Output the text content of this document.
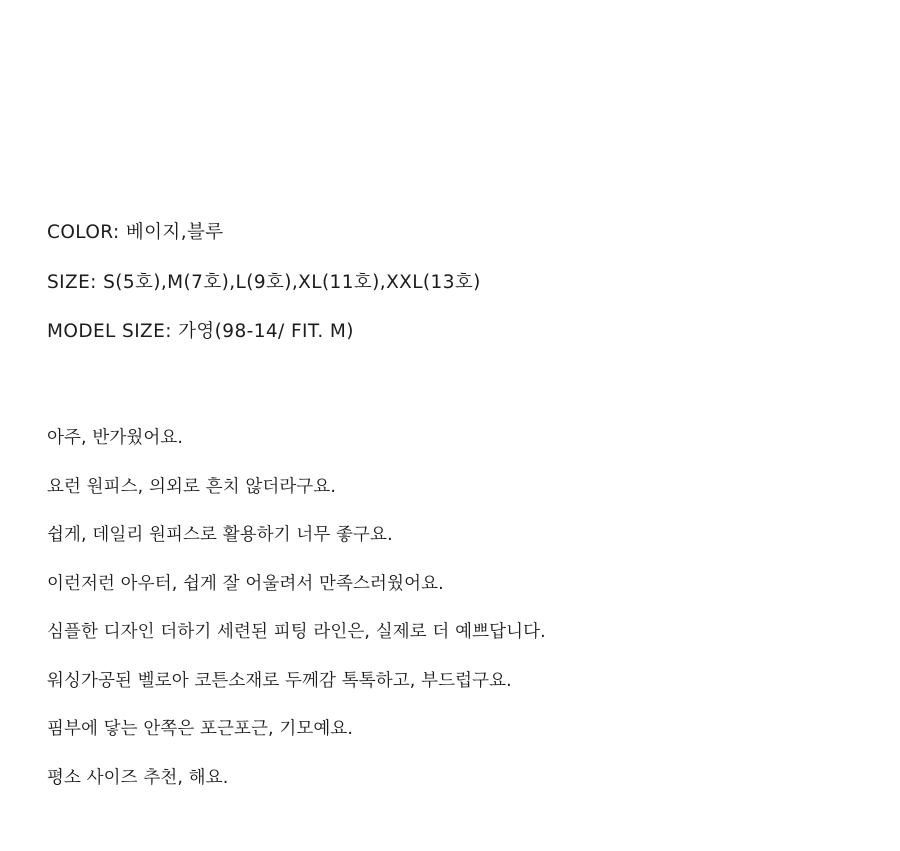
COLOR: 베이지,블루
SIZE: S(5호),M(7호),L(9호),XL(11호),XXL(13호)
MODEL SIZE: 가영(98-14/ FIT. M)
아주, 반가웠어요.
요런 원피스, 의외로 흔치 않더라구요.
쉽게, 데일리 원피스로 활용하기 너무 좋구요.
이런저런 아우터, 쉽게 잘 어울려서 만족스러웠어요.
심플한 디자인 더하기 세련된 피팅 라인은, 실제로 더 예쁘답니다.
워싱가공된 벨로아 코튼소재로 두께감 톡톡하고, 부드럽구요.
핌부에 닿는 안쪽은 포근포근, 기모예요.
평소 사이즈 추천, 해요.
